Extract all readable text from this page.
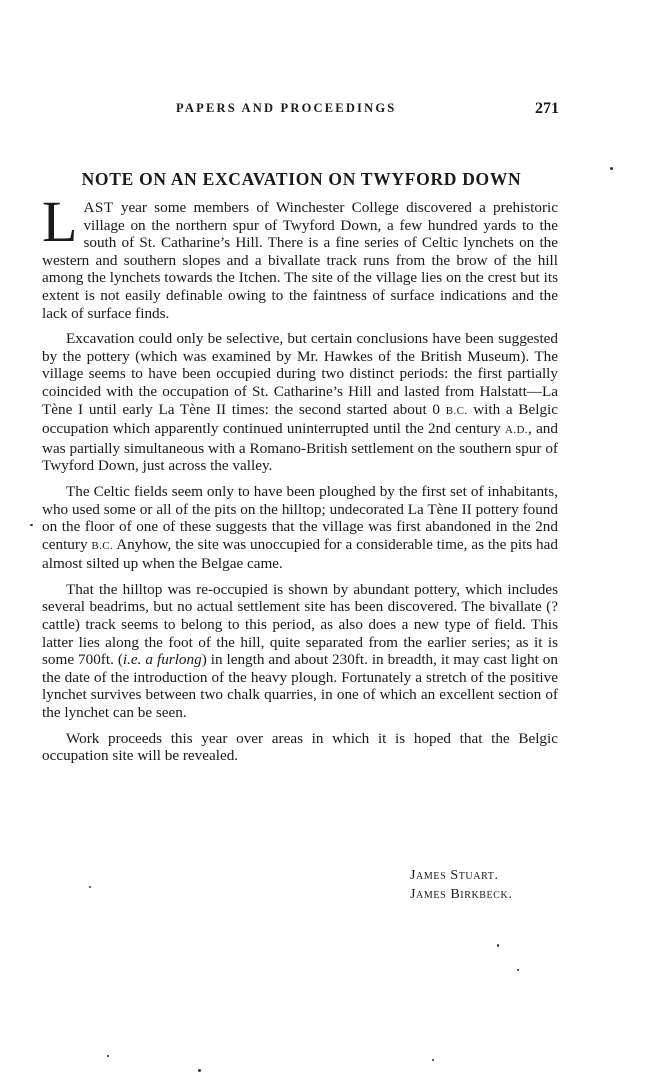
PAPERS AND PROCEEDINGS	271
NOTE ON AN EXCAVATION ON TWYFORD DOWN

LAST year some members of Winchester College discovered a prehistoric village on the northern spur of Twyford Down, a few hundred yards to the south of St. Catharine’s Hill. There is a fine series of Celtic lynchets on the western and southern slopes and a bivallate track runs from the brow of the hill among the lynchets towards the Itchen. The site of the village lies on the crest but its extent is not easily definable owing to the faintness of surface indications and the lack of surface finds.

Excavation could only be selective, but certain conclusions have been suggested by the pottery (which was examined by Mr. Hawkes of the British Museum). The village seems to have been occupied during two distinct periods: the first partially coincided with the occupation of St. Catharine’s Hill and lasted from Halstatt—La Tène I until early La Tène II times: the second started about 0 B.C. with a Belgic occupation which apparently continued uninterrupted until the 2nd century A.D., and was partially simultaneous with a Romano-British settlement on the southern spur of Twyford Down, just across the valley.

The Celtic fields seem only to have been ploughed by the first set of inhabitants, who used some or all of the pits on the hilltop; undecorated La Tène II pottery found on the floor of one of these suggests that the village was first abandoned in the 2nd century B.C. Anyhow, the site was unoccupied for a considerable time, as the pits had almost silted up when the Belgae came.

That the hilltop was re-occupied is shown by abundant pottery, which includes several beadrims, but no actual settlement site has been discovered. The bivallate (? cattle) track seems to belong to this period, as also does a new type of field. This latter lies along the foot of the hill, quite separated from the earlier series; as it is some 700ft. (i.e. a furlong) in length and about 230ft. in breadth, it may cast light on the date of the introduction of the heavy plough. Fortunately a stretch of the positive lynchet survives between two chalk quarries, in one of which an excellent section of the lynchet can be seen.

Work proceeds this year over areas in which it is hoped that the Belgic occupation site will be revealed.

James Stuart.
James Birkbeck.
